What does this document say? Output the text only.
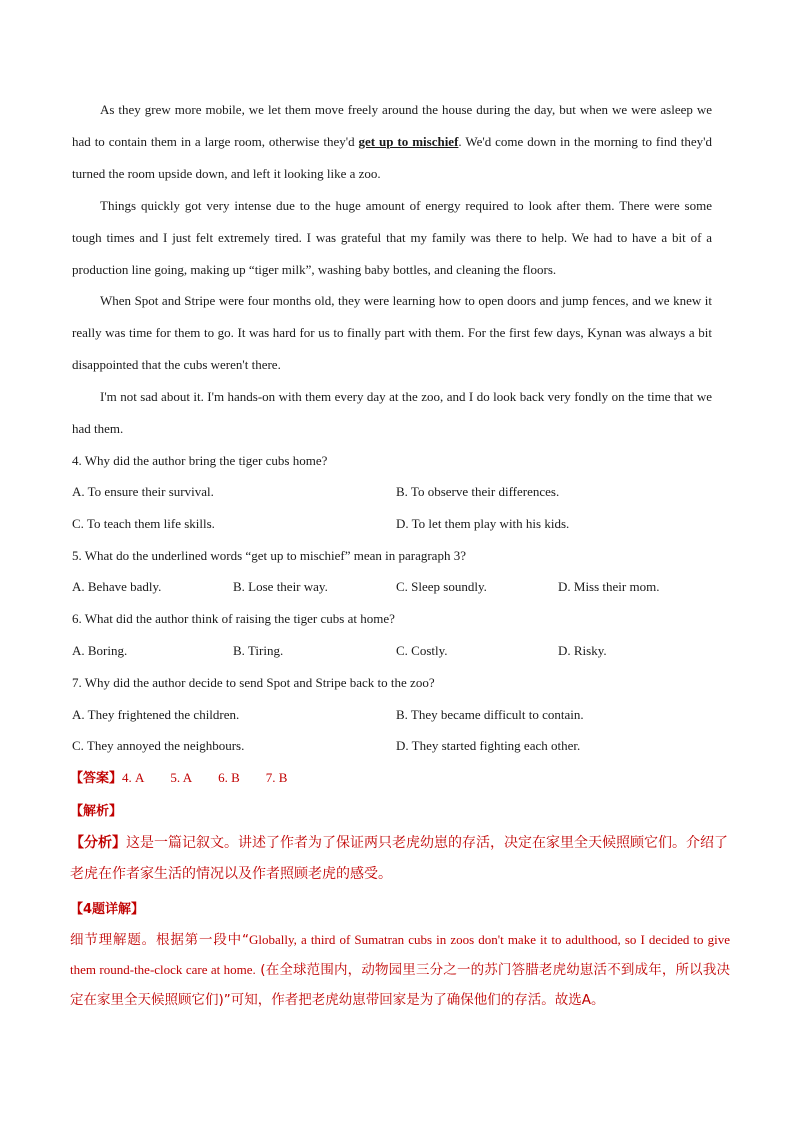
As they grew more mobile, we let them move freely around the house during the day, but when we were asleep we had to contain them in a large room, otherwise they'd get up to mischief. We'd come down in the morning to find they'd turned the room upside down, and left it looking like a zoo.
Things quickly got very intense due to the huge amount of energy required to look after them. There were some tough times and I just felt extremely tired. I was grateful that my family was there to help. We had to have a bit of a production line going, making up “tiger milk”, washing baby bottles, and cleaning the floors.
When Spot and Stripe were four months old, they were learning how to open doors and jump fences, and we knew it really was time for them to go. It was hard for us to finally part with them. For the first few days, Kynan was always a bit disappointed that the cubs weren't there.
I'm not sad about it. I'm hands-on with them every day at the zoo, and I do look back very fondly on the time that we had them.
4. Why did the author bring the tiger cubs home?
A. To ensure their survival.	B. To observe their differences.
C. To teach them life skills.	D. To let them play with his kids.
5. What do the underlined words “get up to mischief” mean in paragraph 3?
A. Behave badly.	B. Lose their way.	C. Sleep soundly.	D. Miss their mom.
6. What did the author think of raising the tiger cubs at home?
A. Boring.	B. Tiring.	C. Costly.	D. Risky.
7. Why did the author decide to send Spot and Stripe back to the zoo?
A. They frightened the children.	B. They became difficult to contain.
C. They annoyed the neighbours.	D. They started fighting each other.
【答案】4. A 5. A 6. B 7. B
【解析】
【分析】这是一篇记叙文。讲述了作者为了保证两只老虎幼崽的存活，决定在家里全天候照顾它们。介绍了老虎在作者家生活的情况以及作者照顾老虎的感受。
【4题详解】
细节理解题。根据第一段中“Globally, a third of Sumatran cubs in zoos don't make it to adulthood, so I decided to give them round-the-clock care at home. (在全球范围内，动物园里三分之一的苏门答腊老虎幼崽活不到成年，所以我决定在家里全天候照顾它们)”可知，作者把老虎幼崽带回家是为了确保他们的存活。故选A。
